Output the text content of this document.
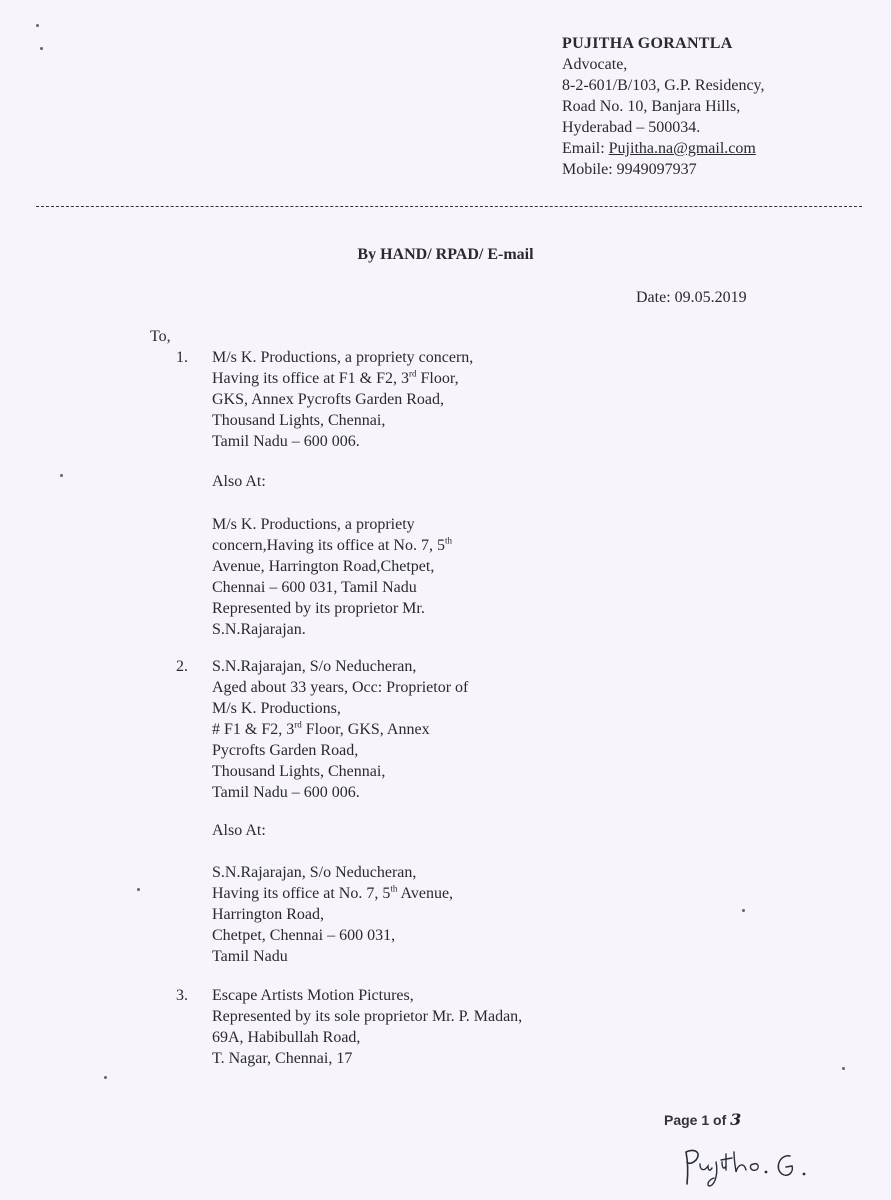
PUJITHA GORANTLA
Advocate,
8-2-601/B/103, G.P. Residency,
Road No. 10, Banjara Hills,
Hyderabad – 500034.
Email: Pujitha.na@gmail.com
Mobile: 9949097937
By HAND/ RPAD/ E-mail
Date: 09.05.2019
To,
1. M/s K. Productions, a propriety concern,
Having its office at F1 & F2, 3rd Floor,
GKS, Annex Pycrofts Garden Road,
Thousand Lights, Chennai,
Tamil Nadu – 600 006.
Also At:
M/s K. Productions, a propriety
concern,Having its office at No. 7, 5th
Avenue, Harrington Road,Chetpet,
Chennai – 600 031, Tamil Nadu
Represented by its proprietor Mr.
S.N.Rajarajan.
2. S.N.Rajarajan, S/o Neducheran,
Aged about 33 years, Occ: Proprietor of
M/s K. Productions,
# F1 & F2, 3rd Floor, GKS, Annex
Pycrofts Garden Road,
Thousand Lights, Chennai,
Tamil Nadu – 600 006.
Also At:
S.N.Rajarajan, S/o Neducheran,
Having its office at No. 7, 5th Avenue,
Harrington Road,
Chetpet, Chennai – 600 031,
Tamil Nadu
3. Escape Artists Motion Pictures,
Represented by its sole proprietor Mr. P. Madan,
69A, Habibullah Road,
T. Nagar, Chennai, 17
Page 1 of 3
